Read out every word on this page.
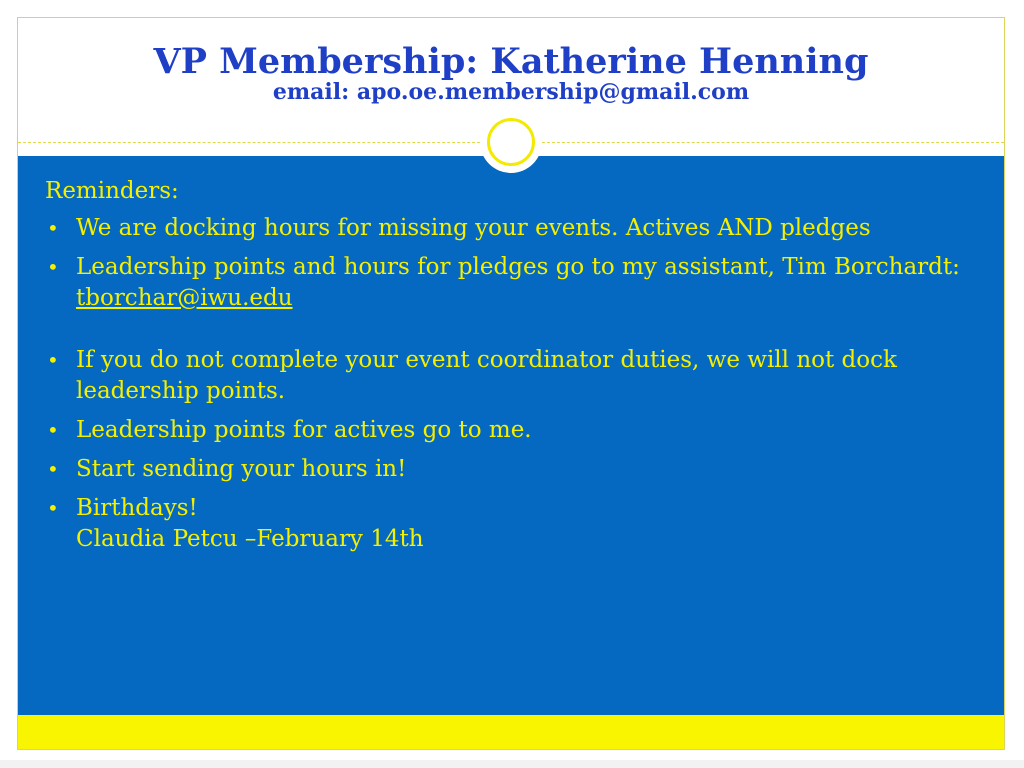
VP Membership: Katherine Henning
email: apo.oe.membership@gmail.com
Reminders:
• We are docking hours for missing your events. Actives AND pledges
• Leadership points and hours for pledges go to my assistant, Tim Borchardt: tborchar@iwu.edu
• If you do not complete your event coordinator duties, we will not dock leadership points.
• Leadership points for actives go to me.
• Start sending your hours in!
• Birthdays!
Claudia Petcu –February 14th
